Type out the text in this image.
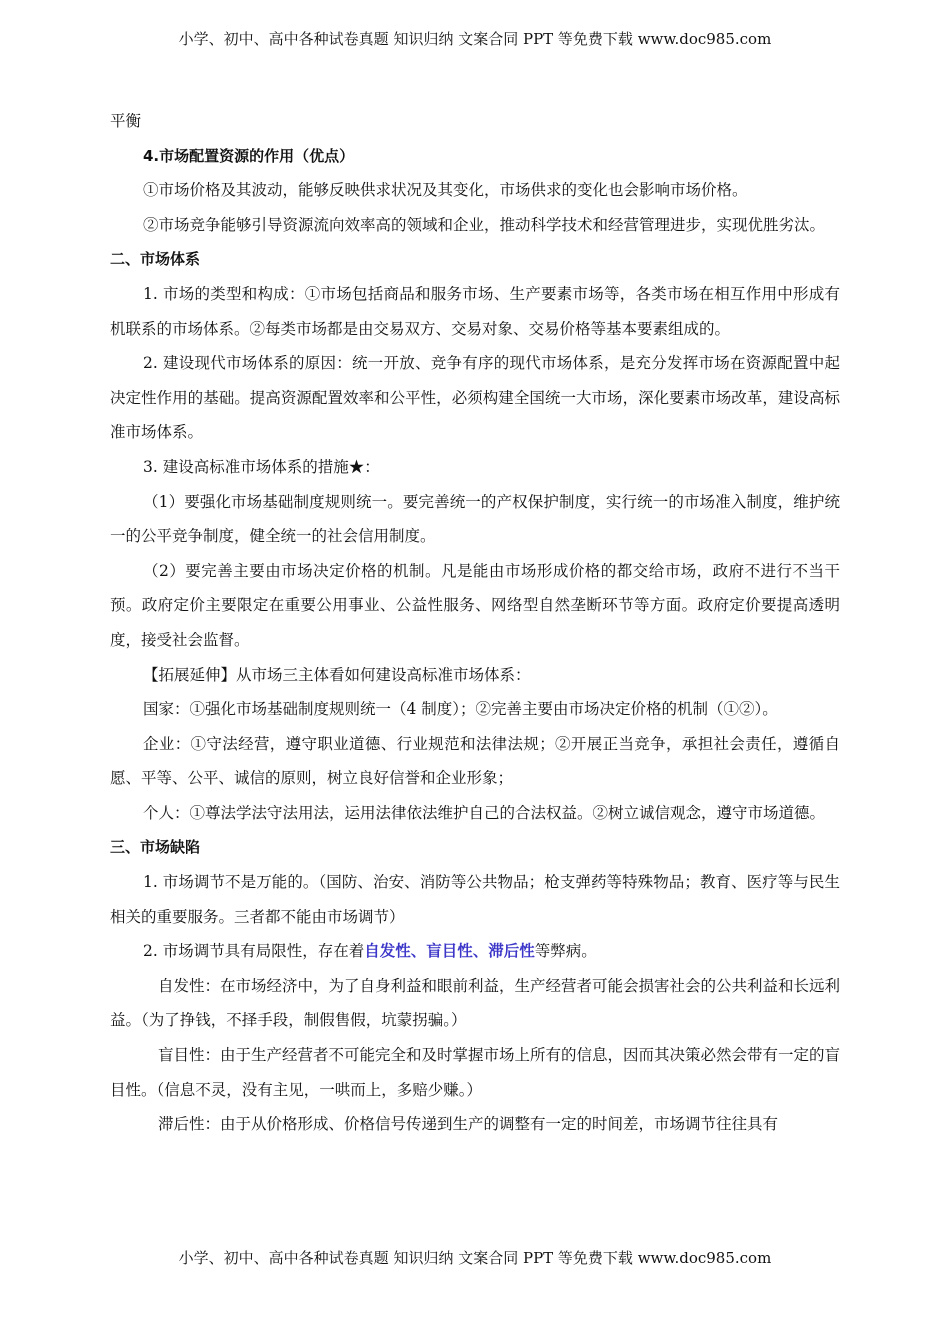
小学、初中、高中各种试卷真题 知识归纳 文案合同 PPT 等免费下载 www.doc985.com

平衡

4.市场配置资源的作用（优点）

①市场价格及其波动，能够反映供求状况及其变化，市场供求的变化也会影响市场价格。

②市场竞争能够引导资源流向效率高的领域和企业，推动科学技术和经营管理进步，实现优胜劣汰。

二、市场体系

1. 市场的类型和构成：①市场包括商品和服务市场、生产要素市场等，各类市场在相互作用中形成有机联系的市场体系。②每类市场都是由交易双方、交易对象、交易价格等基本要素组成的。

2. 建设现代市场体系的原因：统一开放、竞争有序的现代市场体系，是充分发挥市场在资源配置中起决定性作用的基础。提高资源配置效率和公平性，必须构建全国统一大市场，深化要素市场改革，建设高标准市场体系。

3. 建设高标准市场体系的措施★：

（1）要强化市场基础制度规则统一。要完善统一的产权保护制度，实行统一的市场准入制度，维护统一的公平竞争制度，健全统一的社会信用制度。

（2）要完善主要由市场决定价格的机制。凡是能由市场形成价格的都交给市场，政府不进行不当干预。政府定价主要限定在重要公用事业、公益性服务、网络型自然垄断环节等方面。政府定价要提高透明度，接受社会监督。

【拓展延伸】从市场三主体看如何建设高标准市场体系：

国家：①强化市场基础制度规则统一（4 制度）；②完善主要由市场决定价格的机制（①②）。

企业：①守法经营，遵守职业道德、行业规范和法律法规；②开展正当竞争，承担社会责任，遵循自愿、平等、公平、诚信的原则，树立良好信誉和企业形象；

个人：①尊法学法守法用法，运用法律依法维护自己的合法权益。②树立诚信观念，遵守市场道德。

三、市场缺陷

1. 市场调节不是万能的。（国防、治安、消防等公共物品；枪支弹药等特殊物品；教育、医疗等与民生相关的重要服务。三者都不能由市场调节）

2. 市场调节具有局限性，存在着自发性、盲目性、滞后性等弊病。

自发性：在市场经济中，为了自身利益和眼前利益，生产经营者可能会损害社会的公共利益和长远利益。（为了挣钱，不择手段，制假售假，坑蒙拐骗。）

盲目性：由于生产经营者不可能完全和及时掌握市场上所有的信息，因而其决策必然会带有一定的盲目性。（信息不灵，没有主见，一哄而上，多赔少赚。）

滞后性：由于从价格形成、价格信号传递到生产的调整有一定的时间差，市场调节往往具有

小学、初中、高中各种试卷真题 知识归纳 文案合同 PPT 等免费下载 www.doc985.com
